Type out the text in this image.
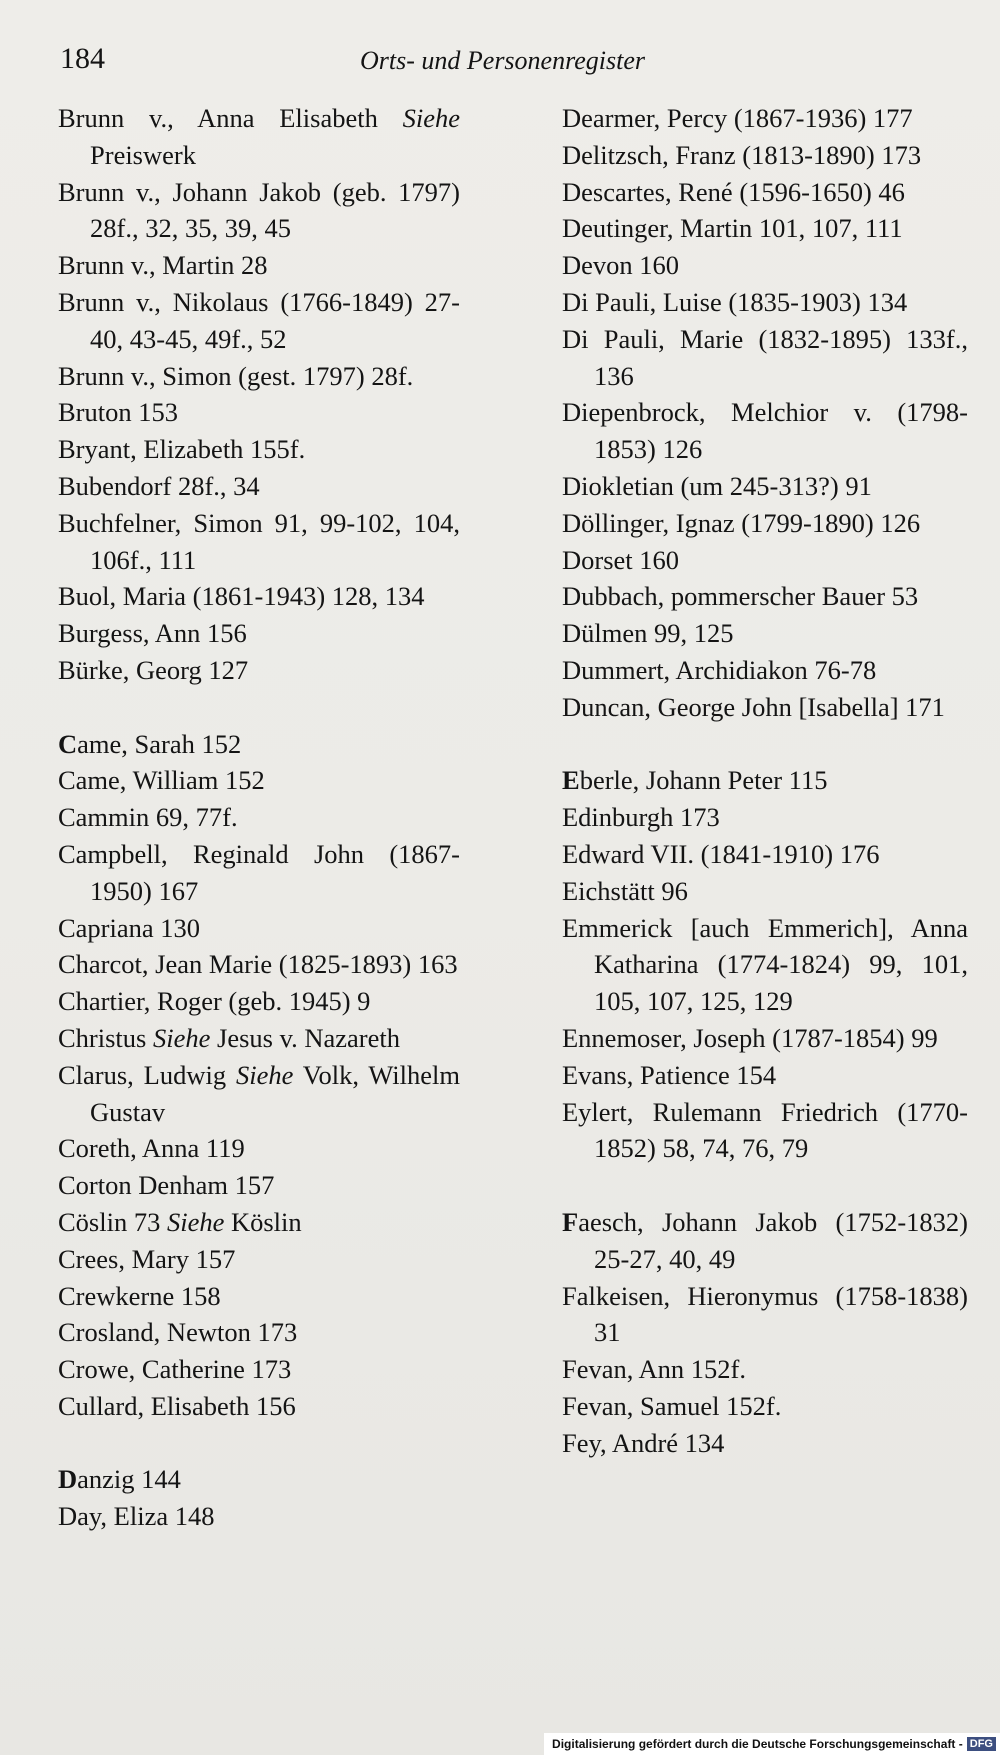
184	Orts- und Personenregister
Brunn v., Anna Elisabeth Siehe Preiswerk
Brunn v., Johann Jakob (geb. 1797) 28f., 32, 35, 39, 45
Brunn v., Martin 28
Brunn v., Nikolaus (1766-1849) 27-40, 43-45, 49f., 52
Brunn v., Simon (gest. 1797) 28f.
Bruton 153
Bryant, Elizabeth 155f.
Bubendorf 28f., 34
Buchfelner, Simon 91, 99-102, 104, 106f., 111
Buol, Maria (1861-1943) 128, 134
Burgess, Ann 156
Bürke, Georg 127
Came, Sarah 152
Came, William 152
Cammin 69, 77f.
Campbell, Reginald John (1867-1950) 167
Capriana 130
Charcot, Jean Marie (1825-1893) 163
Chartier, Roger (geb. 1945) 9
Christus Siehe Jesus v. Nazareth
Clarus, Ludwig Siehe Volk, Wilhelm Gustav
Coreth, Anna 119
Corton Denham 157
Cöslin 73 Siehe Köslin
Crees, Mary 157
Crewkerne 158
Crosland, Newton 173
Crowe, Catherine 173
Cullard, Elisabeth 156
Danzig 144
Day, Eliza 148
Dearmer, Percy (1867-1936) 177
Delitzsch, Franz (1813-1890) 173
Descartes, René (1596-1650) 46
Deutinger, Martin 101, 107, 111
Devon 160
Di Pauli, Luise (1835-1903) 134
Di Pauli, Marie (1832-1895) 133f., 136
Diepenbrock, Melchior v. (1798-1853) 126
Diokletian (um 245-313?) 91
Döllinger, Ignaz (1799-1890) 126
Dorset 160
Dubbach, pommerscher Bauer 53
Dülmen 99, 125
Dummert, Archidiakon 76-78
Duncan, George John [Isabella] 171
Eberle, Johann Peter 115
Edinburgh 173
Edward VII. (1841-1910) 176
Eichstätt 96
Emmerick [auch Emmerich], Anna Katharina (1774-1824) 99, 101, 105, 107, 125, 129
Ennemoser, Joseph (1787-1854) 99
Evans, Patience 154
Eylert, Rulemann Friedrich (1770-1852) 58, 74, 76, 79
Faesch, Johann Jakob (1752-1832) 25-27, 40, 49
Falkeisen, Hieronymus (1758-1838) 31
Fevan, Ann 152f.
Fevan, Samuel 152f.
Fey, André 134
Digitalisierung gefördert durch die Deutsche Forschungsgemeinschaft - DFG
